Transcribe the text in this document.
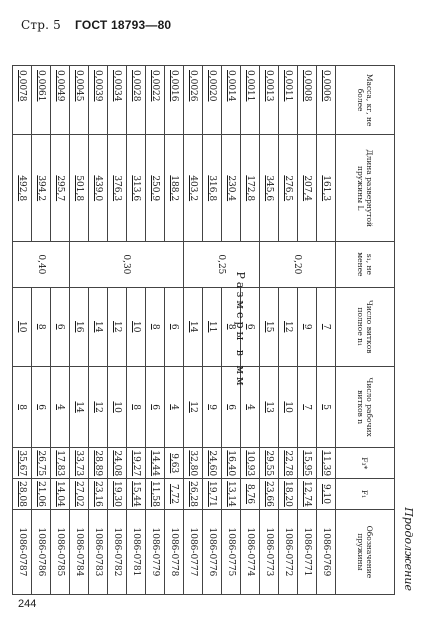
Стр. 5 ГОСТ 18793—80
Продолжение
Масса, кг, не более	Длина развернутой пружины L	s₁, не менее	Число витков полное n₁	Число рабочих витков n	F₃*	F₁	Обозначение пружины
0,0006	161,3	0,20	7	5	11,39	9,10	1086-0769
0,0008	207,4		9	7	15,95	12,74	1086-0771
0,0011	276,5		12	10	22,78	18,20	1086-0772
0,0013	345,6		15	13	29,55	23,66	1086-0773
0,0011	172,8	0,25	6	4	10,93	8,76	1086-0774
0,0014	230,4		8	6	16,40	13,14	1086-0775
0,0020	316,8		11	9	24,60	19,71	1086-0776
0,0026	403,2		14	12	32,80	26,28	1086-0777
0,0016	188,2	0,30	6	4	9,63	7,72	1086-0778
0,0022	250,9		8	6	14,44	11,58	1086-0779
0,0028	313,6		10	8	19,27	15,44	1086-0781
0,0034	376,3		12	10	24,08	19,30	1086-0782
0,0039	439,0		14	12	28,89	23,16	1086-0783
0,0045	501,8		16	14	33,73	27,02	1086-0784
0,0049	295,7	0,40	6	4	17,83	14,04	1086-0785
0,0061	394,2		8	6	26,75	21,06	1086-0786
0,0078	492,8		10	8	35,67	28,08	1086-0787
Размеры в мм
244
